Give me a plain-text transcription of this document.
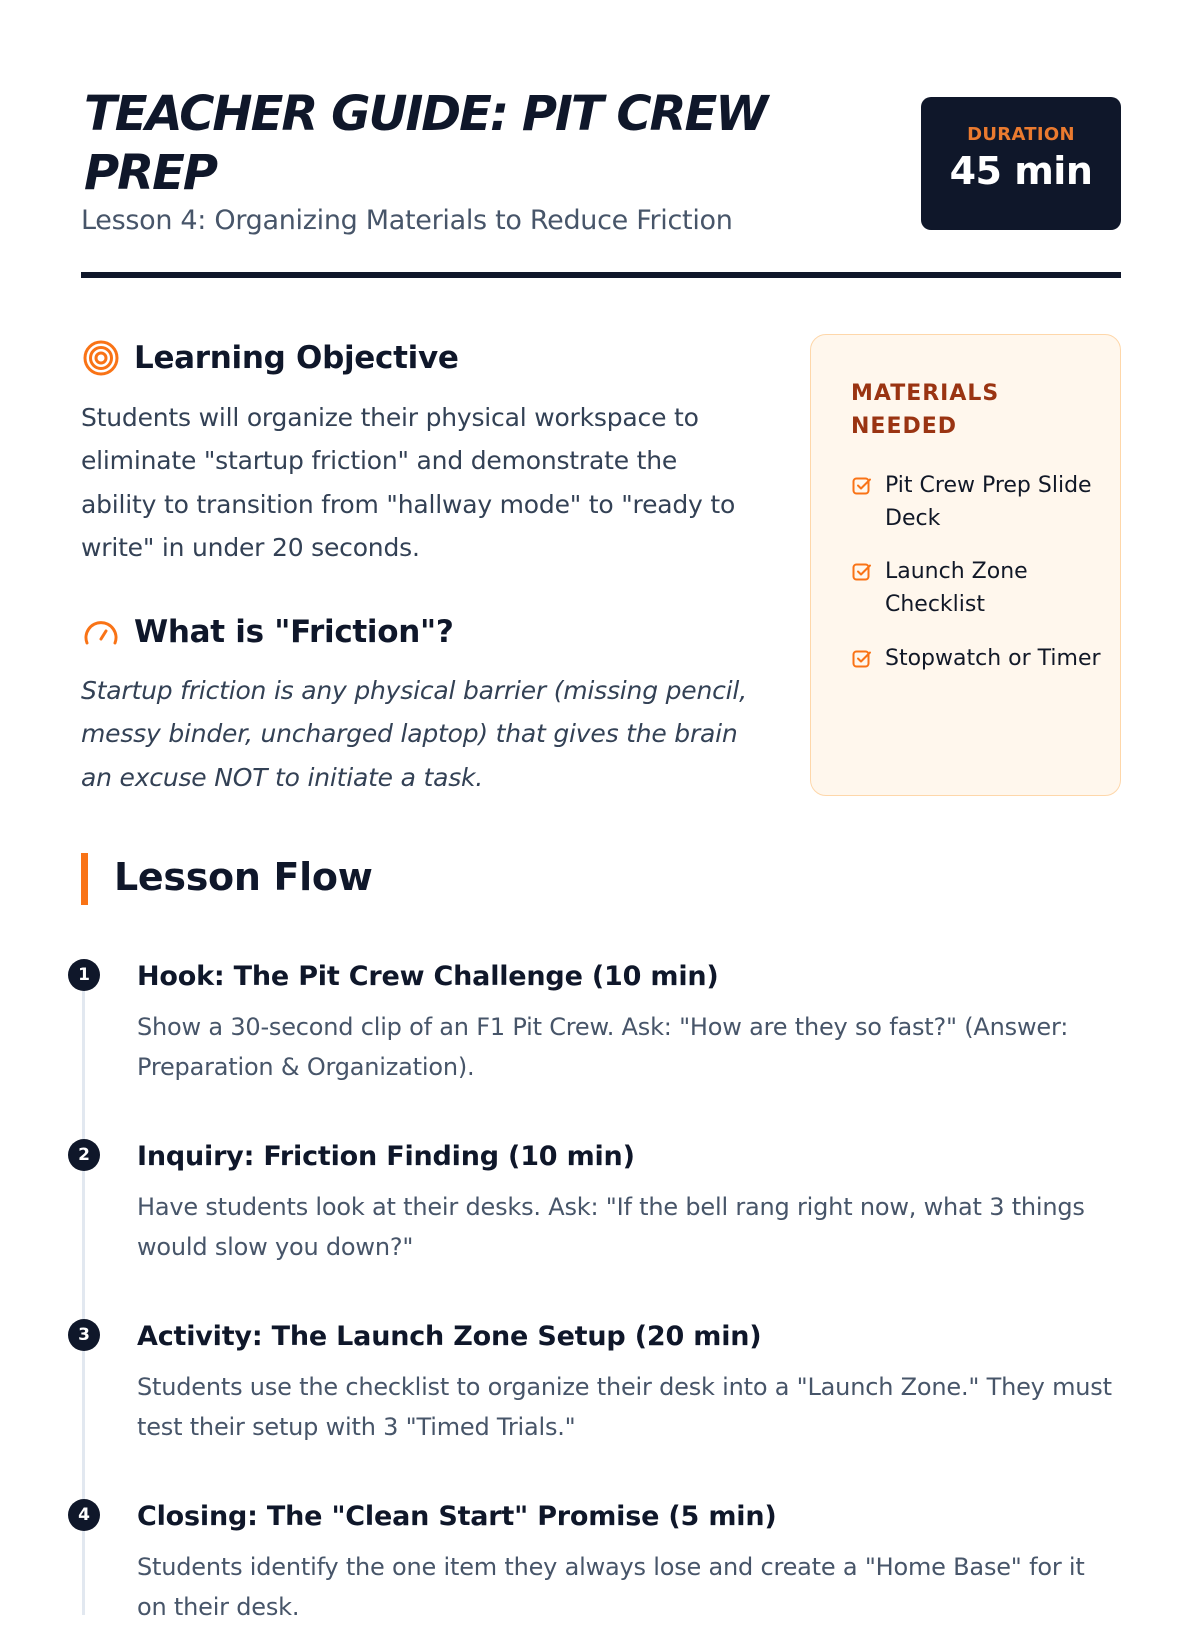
TEACHER GUIDE: PIT CREW PREP
Lesson 4: Organizing Materials to Reduce Friction
DURATION
45 min
Learning Objective

Students will organize their physical workspace to eliminate "startup friction" and demonstrate the ability to transition from "hallway mode" to "ready to write" in under 20 seconds.

What is "Friction"?

Startup friction is any physical barrier (missing pencil, messy binder, uncharged laptop) that gives the brain an excuse NOT to initiate a task.

MATERIALS NEEDED
Pit Crew Prep Slide Deck
Launch Zone Checklist
Stopwatch or Timer
Lesson Flow
1	Hook: The Pit Crew Challenge (10 min)
Show a 30-second clip of an F1 Pit Crew. Ask: "How are they so fast?" (Answer: Preparation & Organization).
2	Inquiry: Friction Finding (10 min)
Have students look at their desks. Ask: "If the bell rang right now, what 3 things would slow you down?"
3	Activity: The Launch Zone Setup (20 min)
Students use the checklist to organize their desk into a "Launch Zone." They must test their setup with 3 "Timed Trials."
4	Closing: The "Clean Start" Promise (5 min)
Students identify the one item they always lose and create a "Home Base" for it on their desk.
